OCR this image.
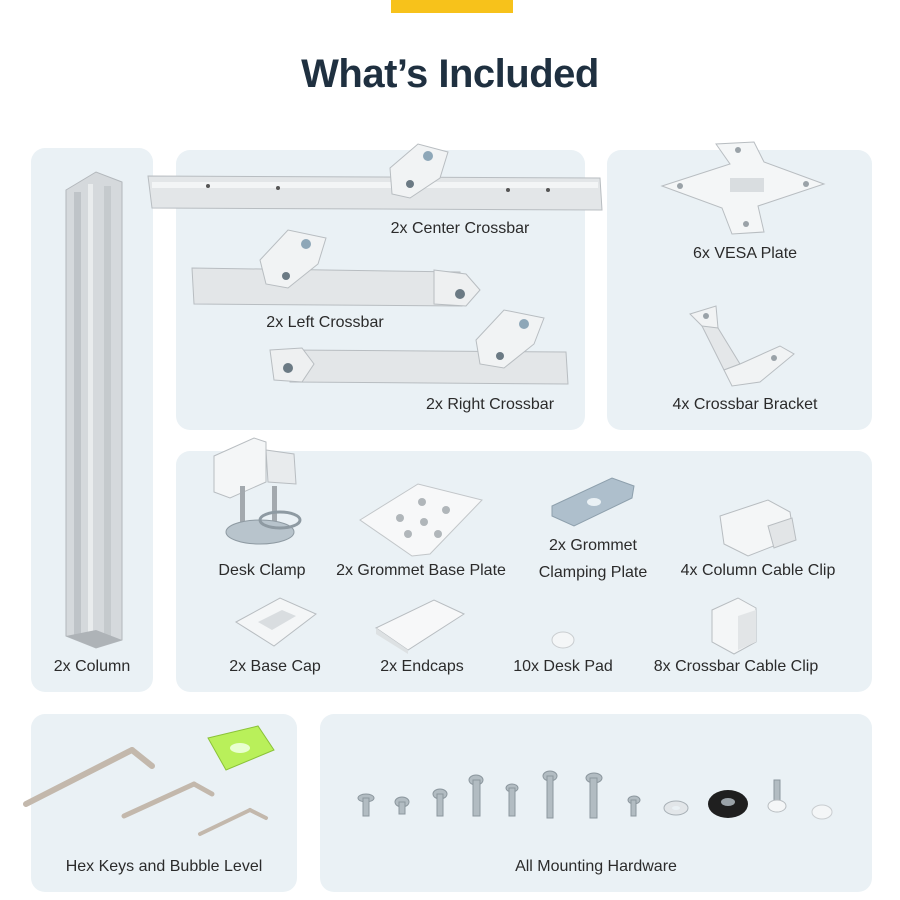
What’s Included
2x Column
2x Center Crossbar
2x Left Crossbar
2x Right Crossbar
6x VESA Plate
4x Crossbar Bracket
Desk Clamp	2x Grommet Base Plate
2x Grommet
Clamping Plate	4x Column Cable Clip
2x Base Cap	2x Endcaps	10x Desk Pad	8x Crossbar Cable Clip
Hex Keys and Bubble Level	All Mounting Hardware
